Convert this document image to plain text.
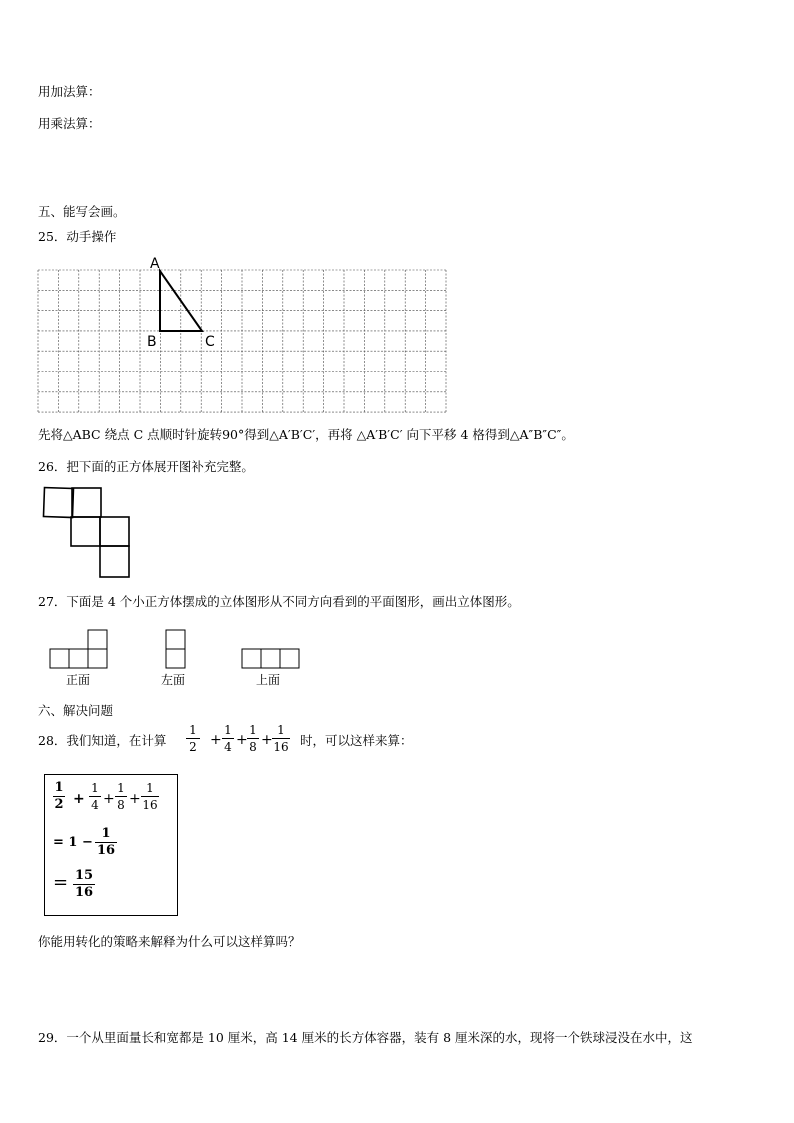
用加法算：
用乘法算：
五、能写会画。
25．动手操作
A
B	C
先将△ABC 绕点 C 点顺时针旋转90°得到△A′B′C′，再将 △A′B′C′ 向下平移 4 格得到△A″B″C″。
26．把下面的正方体展开图补充完整。
27．下面是 4 个小正方体摆成的立体图形从不同方向看到的平面图形，画出立体图形。
正面	左面	上面
六、解决问题
28．我们知道，在计算
1
2 +
1
4 +
1
8 +
1
16 时，可以这样来算：
1
2 +
1
4 +
1
8 +
1
16
= 1 −
1
16
= 15
16
你能用转化的策略来解释为什么可以这样算吗？
29．一个从里面量长和宽都是 10 厘米，高 14 厘米的长方体容器，装有 8 厘米深的水，现将一个铁球浸没在水中，这
